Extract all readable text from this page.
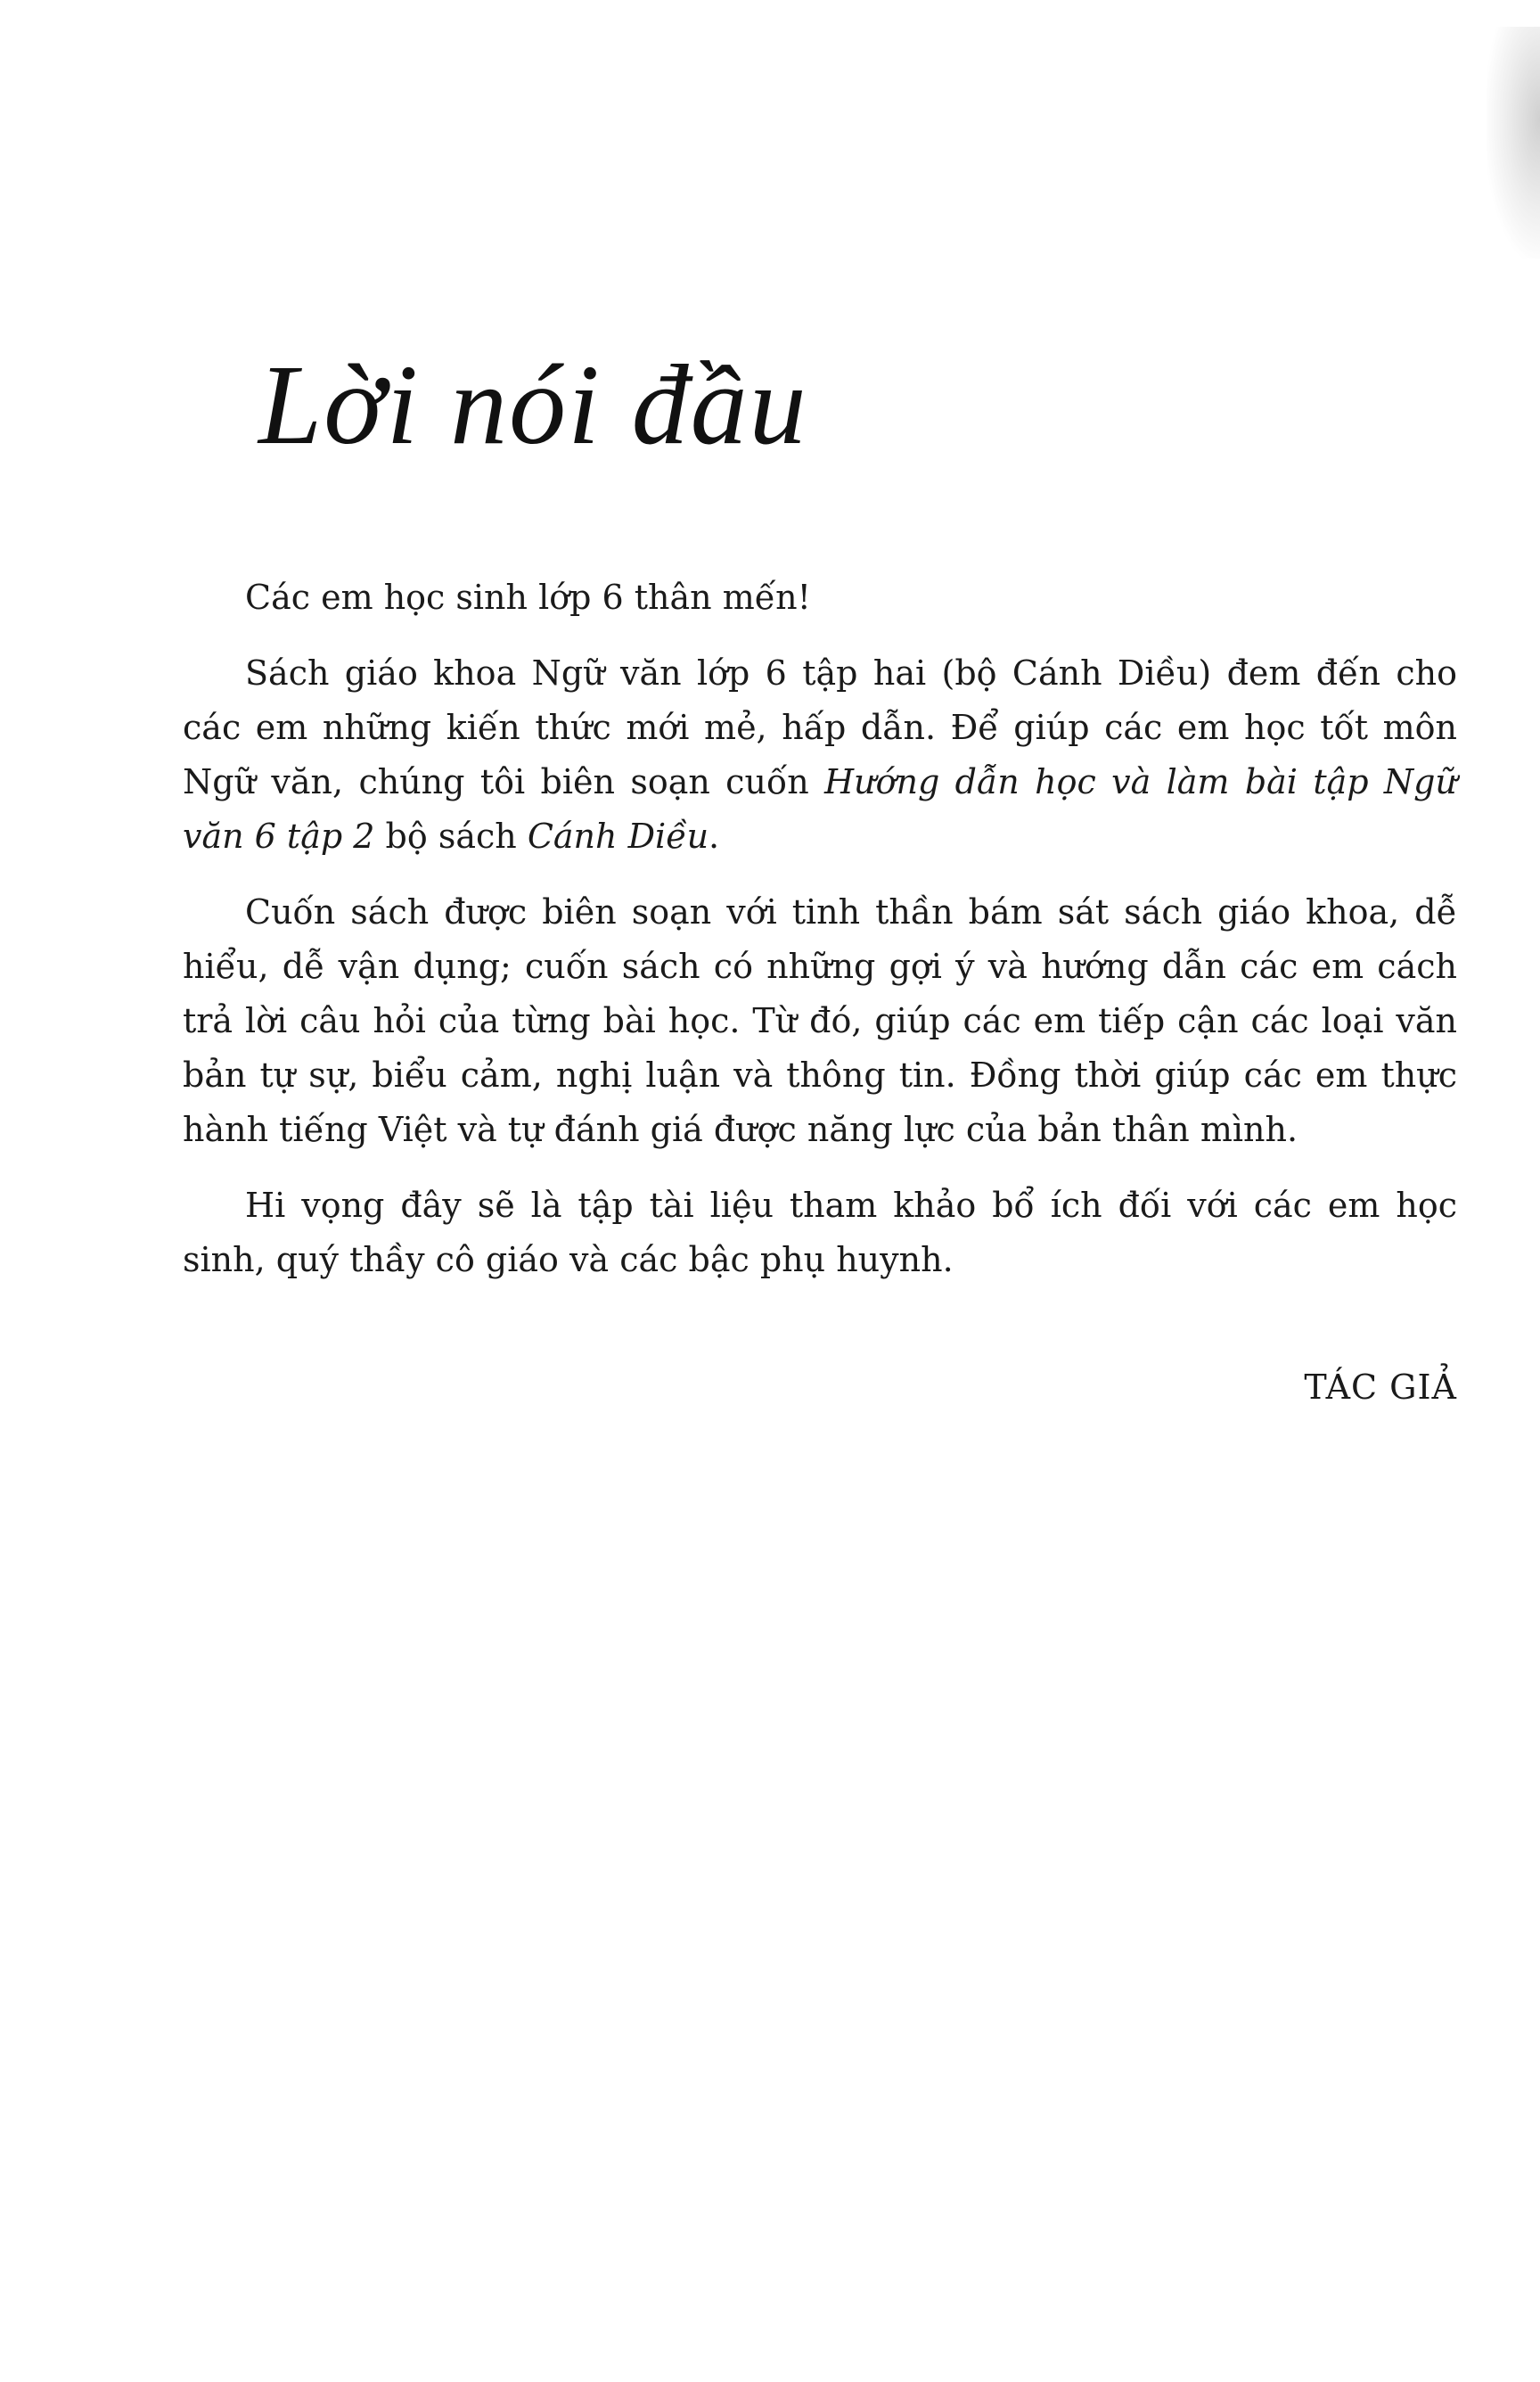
Lời nói đầu

Các em học sinh lớp 6 thân mến!

Sách giáo khoa Ngữ văn lớp 6 tập hai (bộ Cánh Diều) đem đến cho các em những kiến thức mới mẻ, hấp dẫn. Để giúp các em học tốt môn Ngữ văn, chúng tôi biên soạn cuốn Hướng dẫn học và làm bài tập Ngữ văn 6 tập 2 bộ sách Cánh Diều.

Cuốn sách được biên soạn với tinh thần bám sát sách giáo khoa, dễ hiểu, dễ vận dụng; cuốn sách có những gợi ý và hướng dẫn các em cách trả lời câu hỏi của từng bài học. Từ đó, giúp các em tiếp cận các loại văn bản tự sự, biểu cảm, nghị luận và thông tin. Đồng thời giúp các em thực hành tiếng Việt và tự đánh giá được năng lực của bản thân mình.

Hi vọng đây sẽ là tập tài liệu tham khảo bổ ích đối với các em học sinh, quý thầy cô giáo và các bậc phụ huynh.

TÁC GIẢ
